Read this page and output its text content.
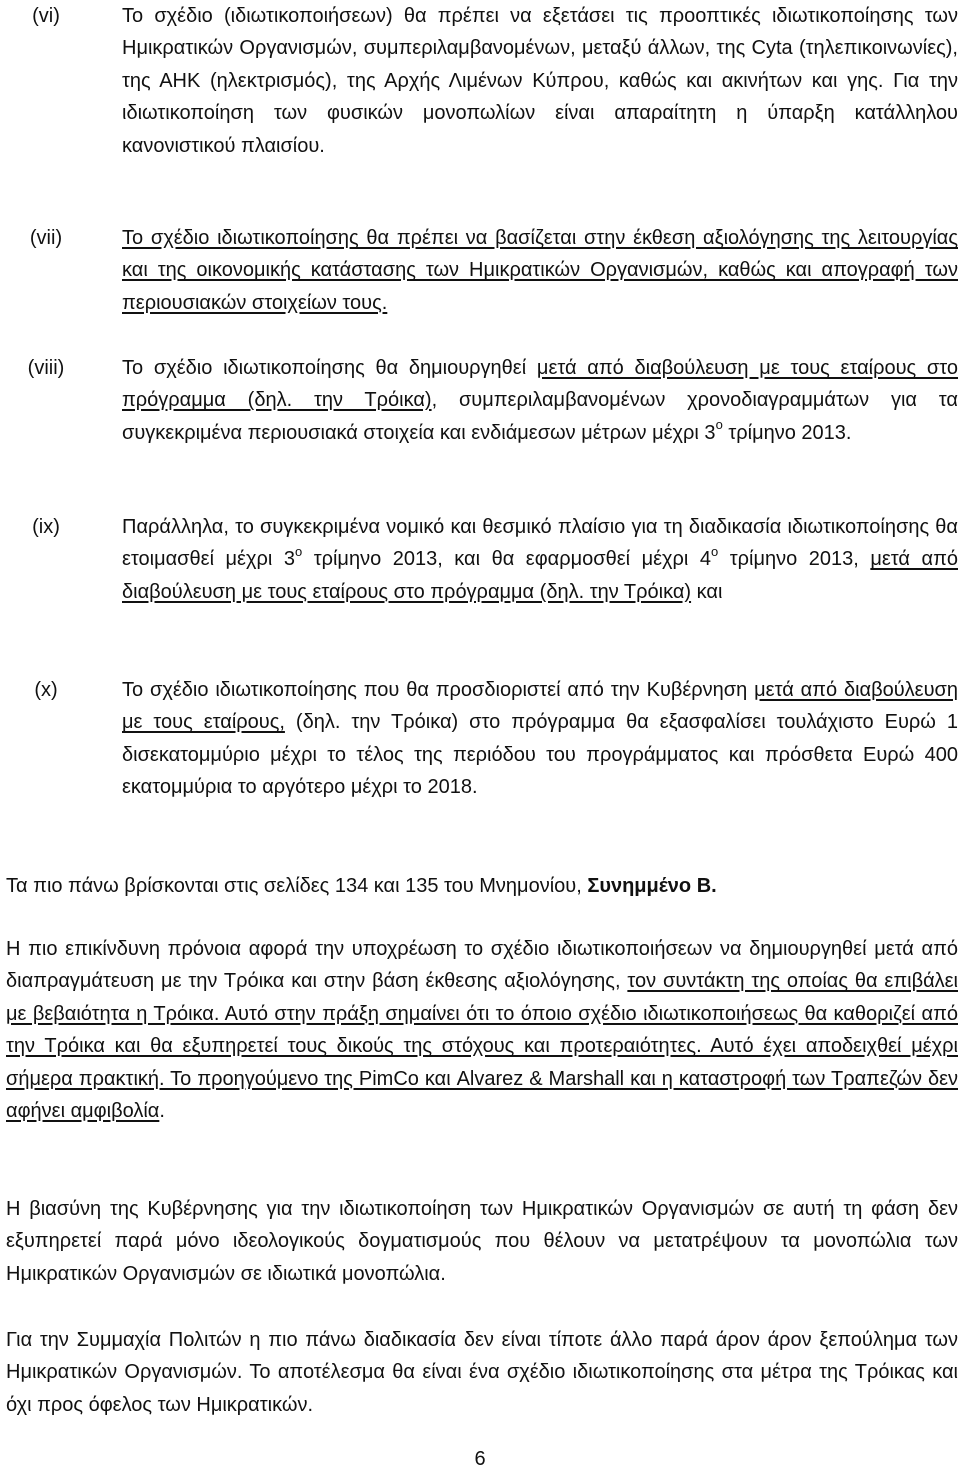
(vi)	Το σχέδιο (ιδιωτικοποιήσεων) θα πρέπει να εξετάσει τις προοπτικές ιδιωτικοποίησης των Ημικρατικών Οργανισμών, συμπεριλαμβανομένων, μεταξύ άλλων, της Cyta (τηλεπικοινωνίες), της ΑΗΚ (ηλεκτρισμός), της Αρχής Λιμένων Κύπρου, καθώς και ακινήτων και γης. Για την ιδιωτικοποίηση των φυσικών μονοπωλίων είναι απαραίτητη η ύπαρξη κατάλληλου κανονιστικού πλαισίου.
(vii)	Το σχέδιο ιδιωτικοποίησης θα πρέπει να βασίζεται στην έκθεση αξιολόγησης της λειτουργίας και της οικονομικής κατάστασης των Ημικρατικών Οργανισμών, καθώς και απογραφή των περιουσιακών στοιχείων τους.
(viii)	Το σχέδιο ιδιωτικοποίησης θα δημιουργηθεί μετά από διαβούλευση με τους εταίρους στο πρόγραμμα (δηλ. την Τρόικα), συμπεριλαμβανομένων χρονοδιαγραμμάτων για τα συγκεκριμένα περιουσιακά στοιχεία και ενδιάμεσων μέτρων μέχρι $3^o$ τρίμηνο 2013.
(ix)	Παράλληλα, το συγκεκριμένα νομικό και θεσμικό πλαίσιο για τη διαδικασία ιδιωτικοποίησης θα ετοιμασθεί μέχρι $3^o$ τρίμηνο 2013, και θα εφαρμοσθεί μέχρι $4^o$ τρίμηνο 2013, μετά από διαβούλευση με τους εταίρους στο πρόγραμμα (δηλ. την Τρόικα) και
(x)	Το σχέδιο ιδιωτικοποίησης που θα προσδιοριστεί από την Κυβέρνηση μετά από διαβούλευση με τους εταίρους, (δηλ. την Τρόικα) στο πρόγραμμα θα εξασφαλίσει τουλάχιστο Ευρώ 1 δισεκατομμύριο μέχρι το τέλος της περιόδου του προγράμματος και πρόσθετα Ευρώ 400 εκατομμύρια το αργότερο μέχρι το 2018.
Τα πιο πάνω βρίσκονται στις σελίδες 134 και 135 του Μνημονίου, Συνημμένο Β.
Η πιο επικίνδυνη πρόνοια αφορά την υποχρέωση το σχέδιο ιδιωτικοποιήσεων να δημιουργηθεί μετά από διαπραγμάτευση με την Τρόικα και στην βάση έκθεσης αξιολόγησης, τον συντάκτη της οποίας θα επιβάλει με βεβαιότητα η Τρόικα. Αυτό στην πράξη σημαίνει ότι το όποιο σχέδιο ιδιωτικοποιήσεως θα καθοριζεί από την Τρόικα και θα εξυπηρετεί τους δικούς της στόχους και προτεραιότητες. Αυτό έχει αποδειχθεί μέχρι σήμερα πρακτική. Το προηγούμενο της PimCo και Alvarez & Marshall και η καταστροφή των Τραπεζών δεν αφήνει αμφιβολία.
Η βιασύνη της Κυβέρνησης για την ιδιωτικοποίηση των Ημικρατικών Οργανισμών σε αυτή τη φάση δεν εξυπηρετεί παρά μόνο ιδεολογικούς δογματισμούς που θέλουν να μετατρέψουν τα μονοπώλια των Ημικρατικών Οργανισμών σε ιδιωτικά μονοπώλια.
Για την Συμμαχία Πολιτών η πιο πάνω διαδικασία δεν είναι τίποτε άλλο παρά άρον άρον ξεπούλημα των Ημικρατικών Οργανισμών. Το αποτέλεσμα θα είναι ένα σχέδιο ιδιωτικοποίησης στα μέτρα της Τρόικας και όχι προς όφελος των Ημικρατικών.
6
